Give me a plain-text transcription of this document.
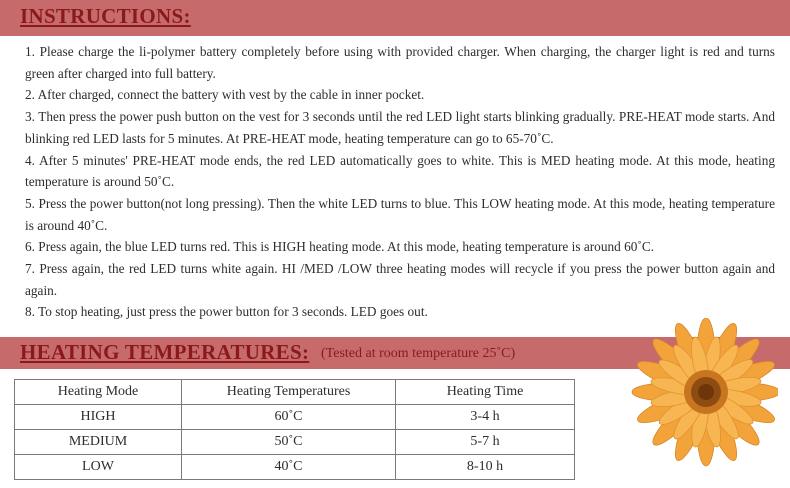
INSTRUCTIONS:

1. Please charge the li-polymer battery completely before using with provided charger. When charging, the charger light is red and turns green after charged into full battery.

2. After charged, connect the battery with vest by the cable in inner pocket.

3. Then press the power push button on the vest for 3 seconds until the red LED light starts blinking gradually. PRE-HEAT mode starts. And blinking red LED lasts for 5 minutes. At PRE-HEAT mode, heating temperature can go to 65-70˚C.

4. After 5 minutes' PRE-HEAT mode ends, the red LED automatically goes to white. This is MED heating mode. At this mode, heating temperature is around 50˚C.

5. Press the power button(not long pressing). Then the white LED turns to blue. This LOW heating mode. At this mode, heating temperature is around 40˚C.

6. Press again, the blue LED turns red. This is HIGH heating mode. At this mode, heating temperature is around 60˚C.

7. Press again, the red LED turns white again. HI /MED /LOW three heating modes will recycle if you press the power button again and again.

8. To stop heating, just press the power button for 3 seconds. LED goes out.

HEATING TEMPERATURES: (Tested at room temperature 25˚C)
Heating Mode	Heating Temperatures	Heating Time
HIGH	60˚C	3-4 h
MEDIUM	50˚C	5-7 h
LOW	40˚C	8-10 h
